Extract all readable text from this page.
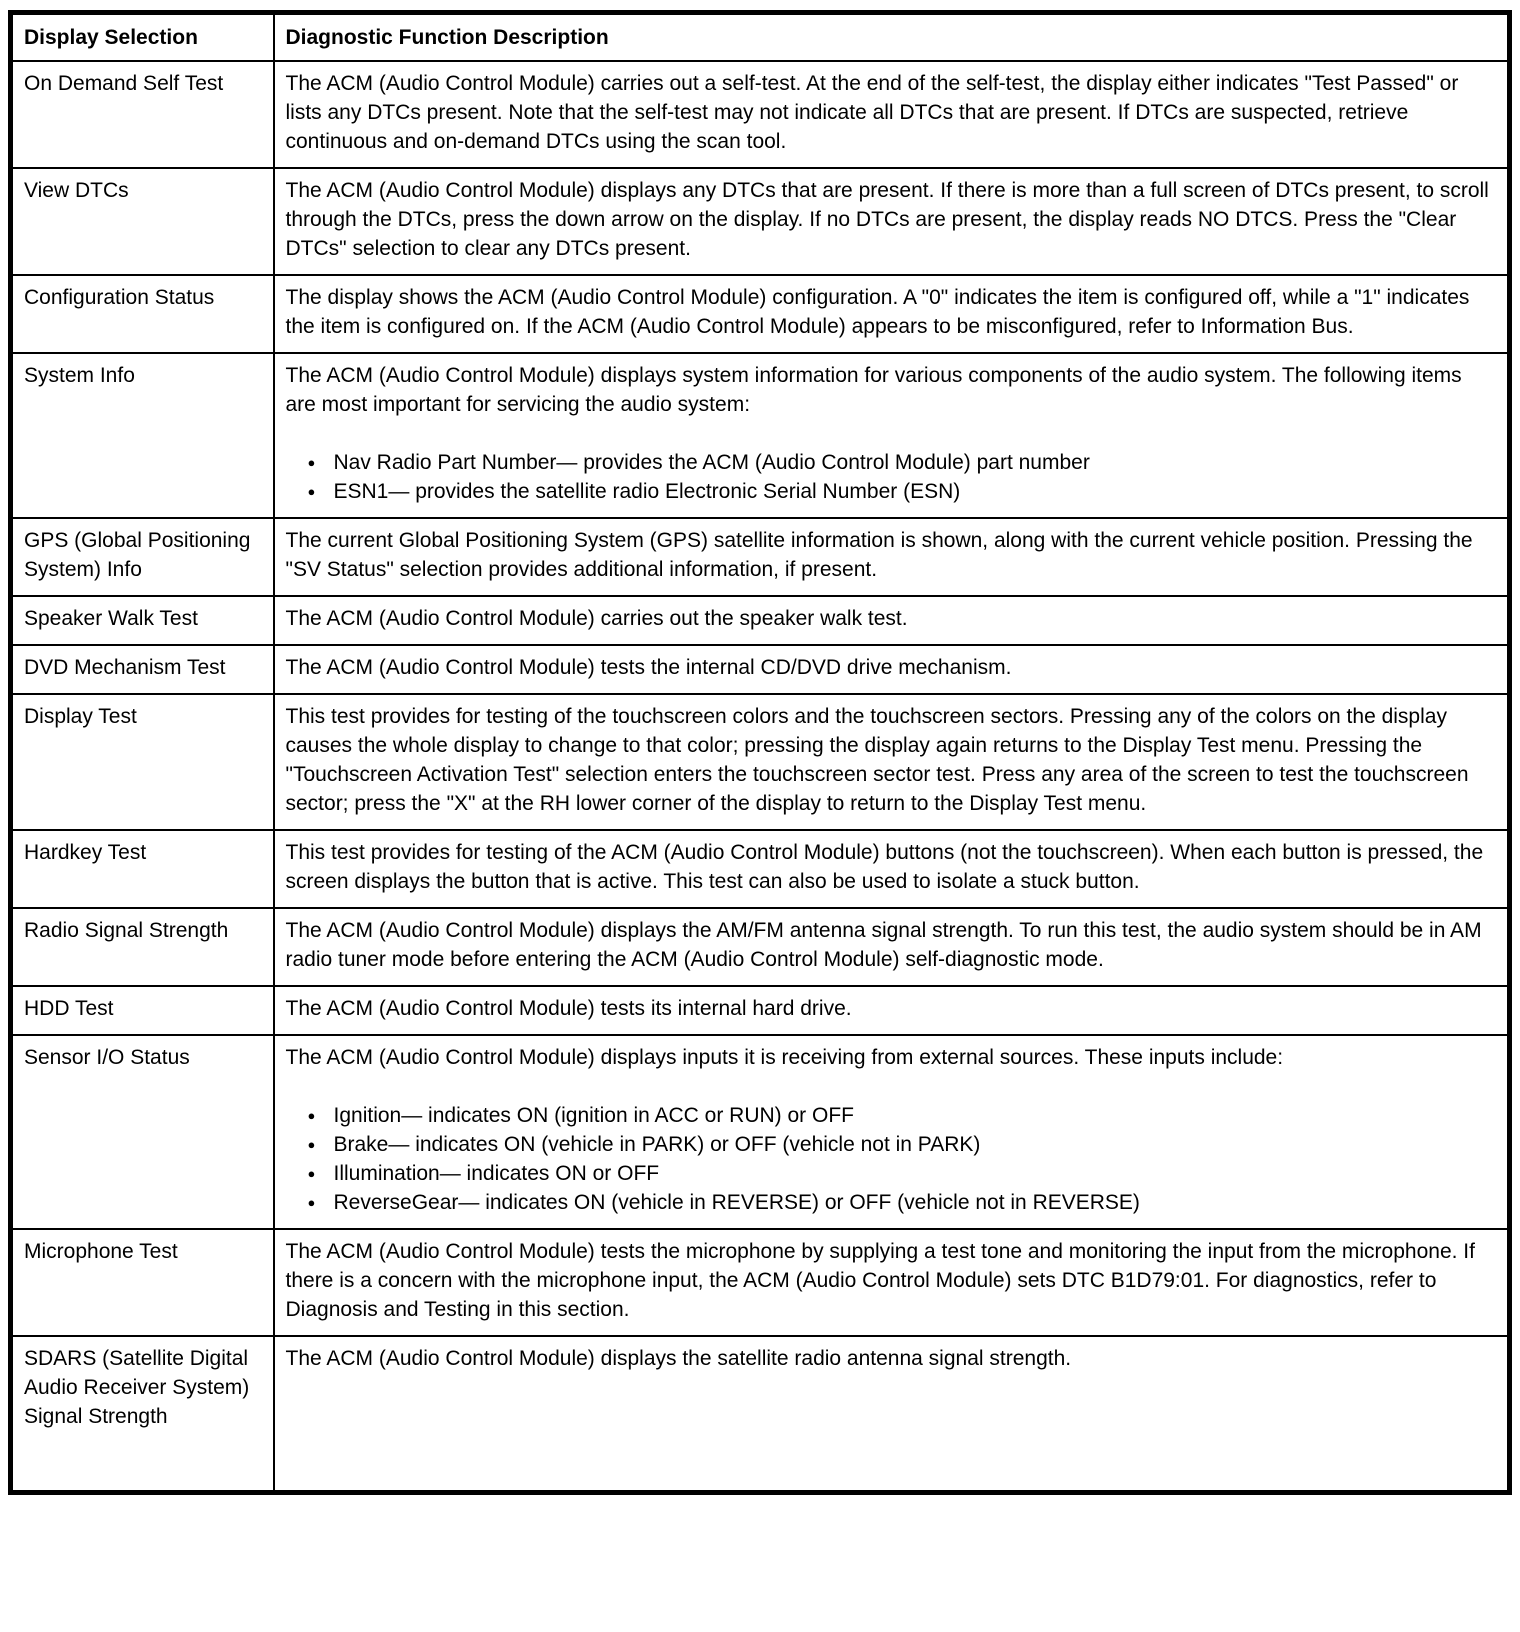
Display Selection	Diagnostic Function Description
On Demand Self Test	The ACM (Audio Control Module) carries out a self-test. At the end of the self-test, the display either indicates "Test Passed" or lists any DTCs present. Note that the self-test may not indicate all DTCs that are present. If DTCs are suspected, retrieve continuous and on-demand DTCs using the scan tool.

View DTCs	The ACM (Audio Control Module) displays any DTCs that are present. If there is more than a full screen of DTCs present, to scroll through the DTCs, press the down arrow on the display. If no DTCs are present, the display reads NO DTCS. Press the "Clear DTCs" selection to clear any DTCs present.

Configuration Status	The display shows the ACM (Audio Control Module) configuration. A "0" indicates the item is configured off, while a "1" indicates the item is configured on. If the ACM (Audio Control Module) appears to be misconfigured, refer to Information Bus.

System Info	The ACM (Audio Control Module) displays system information for various components of the audio system. The following items are most important for servicing the audio system:

● Nav Radio Part Number— provides the ACM (Audio Control Module) part number
● ESN1— provides the satellite radio Electronic Serial Number (ESN)

GPS (Global Positioning System) Info	The current Global Positioning System (GPS) satellite information is shown, along with the current vehicle position. Pressing the "SV Status" selection provides additional information, if present.

Speaker Walk Test	The ACM (Audio Control Module) carries out the speaker walk test.

DVD Mechanism Test	The ACM (Audio Control Module) tests the internal CD/DVD drive mechanism.

Display Test	This test provides for testing of the touchscreen colors and the touchscreen sectors. Pressing any of the colors on the display causes the whole display to change to that color; pressing the display again returns to the Display Test menu. Pressing the "Touchscreen Activation Test" selection enters the touchscreen sector test. Press any area of the screen to test the touchscreen sector; press the "X" at the RH lower corner of the display to return to the Display Test menu.

Hardkey Test	This test provides for testing of the ACM (Audio Control Module) buttons (not the touchscreen). When each button is pressed, the screen displays the button that is active. This test can also be used to isolate a stuck button.

Radio Signal Strength	The ACM (Audio Control Module) displays the AM/FM antenna signal strength. To run this test, the audio system should be in AM radio tuner mode before entering the ACM (Audio Control Module) self-diagnostic mode.

HDD Test	The ACM (Audio Control Module) tests its internal hard drive.

Sensor I/O Status	The ACM (Audio Control Module) displays inputs it is receiving from external sources. These inputs include:

● Ignition— indicates ON (ignition in ACC or RUN) or OFF
● Brake— indicates ON (vehicle in PARK) or OFF (vehicle not in PARK)
● Illumination— indicates ON or OFF
● ReverseGear— indicates ON (vehicle in REVERSE) or OFF (vehicle not in REVERSE)

Microphone Test	The ACM (Audio Control Module) tests the microphone by supplying a test tone and monitoring the input from the microphone. If there is a concern with the microphone input, the ACM (Audio Control Module) sets DTC B1D79:01. For diagnostics, refer to Diagnosis and Testing in this section.

SDARS (Satellite Digital Audio Receiver System) Signal Strength	The ACM (Audio Control Module) displays the satellite radio antenna signal strength.
